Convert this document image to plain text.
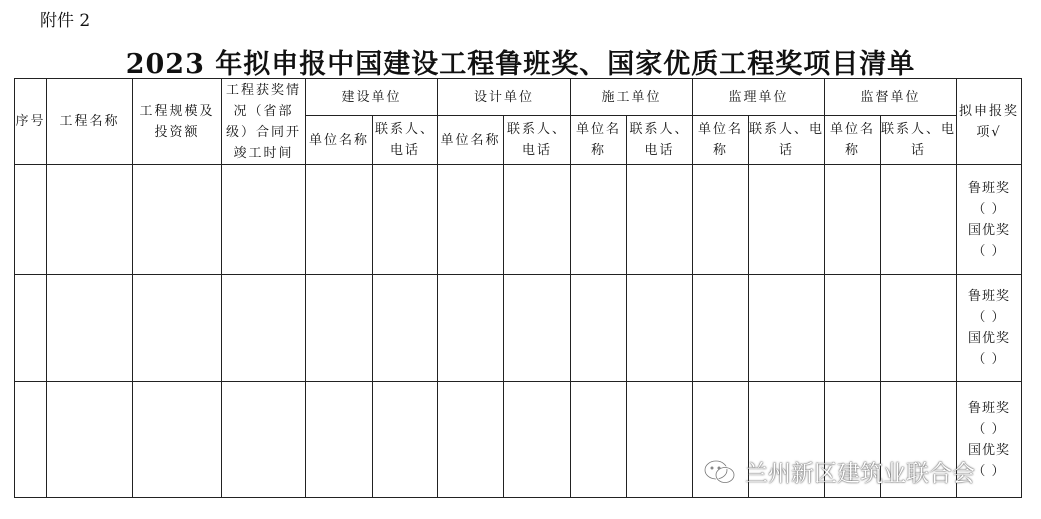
附件 2
2023 年拟申报中国建设工程鲁班奖、国家优质工程奖项目清单
序号	工程名称	工程规模及投资额	工程获奖情况（省部级）合同开竣工时间	建设单位		设计单位		施工单位		监理单位		监督单位		拟申报奖项√
				单位名称	联系人、电话	单位名称	联系人、电话	单位名称	联系人、电话	单位名称	联系人、电话	单位名称	联系人、电话	

														鲁班奖
（ ）
国优奖
（ ）

														鲁班奖
（ ）
国优奖
（ ）

														鲁班奖
（ ）
国优奖
（ ）
兰州新区建筑业联合会
